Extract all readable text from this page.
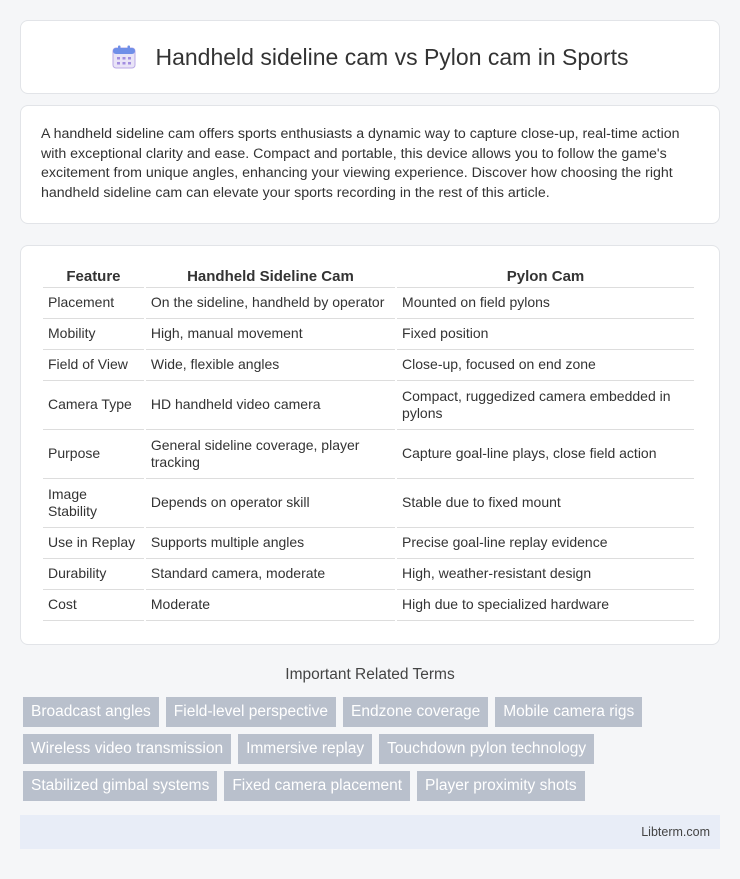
Handheld sideline cam vs Pylon cam in Sports

A handheld sideline cam offers sports enthusiasts a dynamic way to capture close-up, real-time action with exceptional clarity and ease. Compact and portable, this device allows you to follow the game's excitement from unique angles, enhancing your viewing experience. Discover how choosing the right handheld sideline cam can elevate your sports recording in the rest of this article.

Feature	Handheld Sideline Cam	Pylon Cam
Placement	On the sideline, handheld by operator	Mounted on field pylons
Mobility	High, manual movement	Fixed position
Field of View	Wide, flexible angles	Close-up, focused on end zone
Camera Type	HD handheld video camera	Compact, ruggedized camera embedded in pylons
Purpose	General sideline coverage, player tracking	Capture goal-line plays, close field action
Image Stability	Depends on operator skill	Stable due to fixed mount
Use in Replay	Supports multiple angles	Precise goal-line replay evidence
Durability	Standard camera, moderate	High, weather-resistant design
Cost	Moderate	High due to specialized hardware
Important Related Terms
Broadcast angles	Field-level perspective	Endzone coverage	Mobile camera rigs
Wireless video transmission	Immersive replay	Touchdown pylon technology
Stabilized gimbal systems	Fixed camera placement	Player proximity shots
Libterm.com
